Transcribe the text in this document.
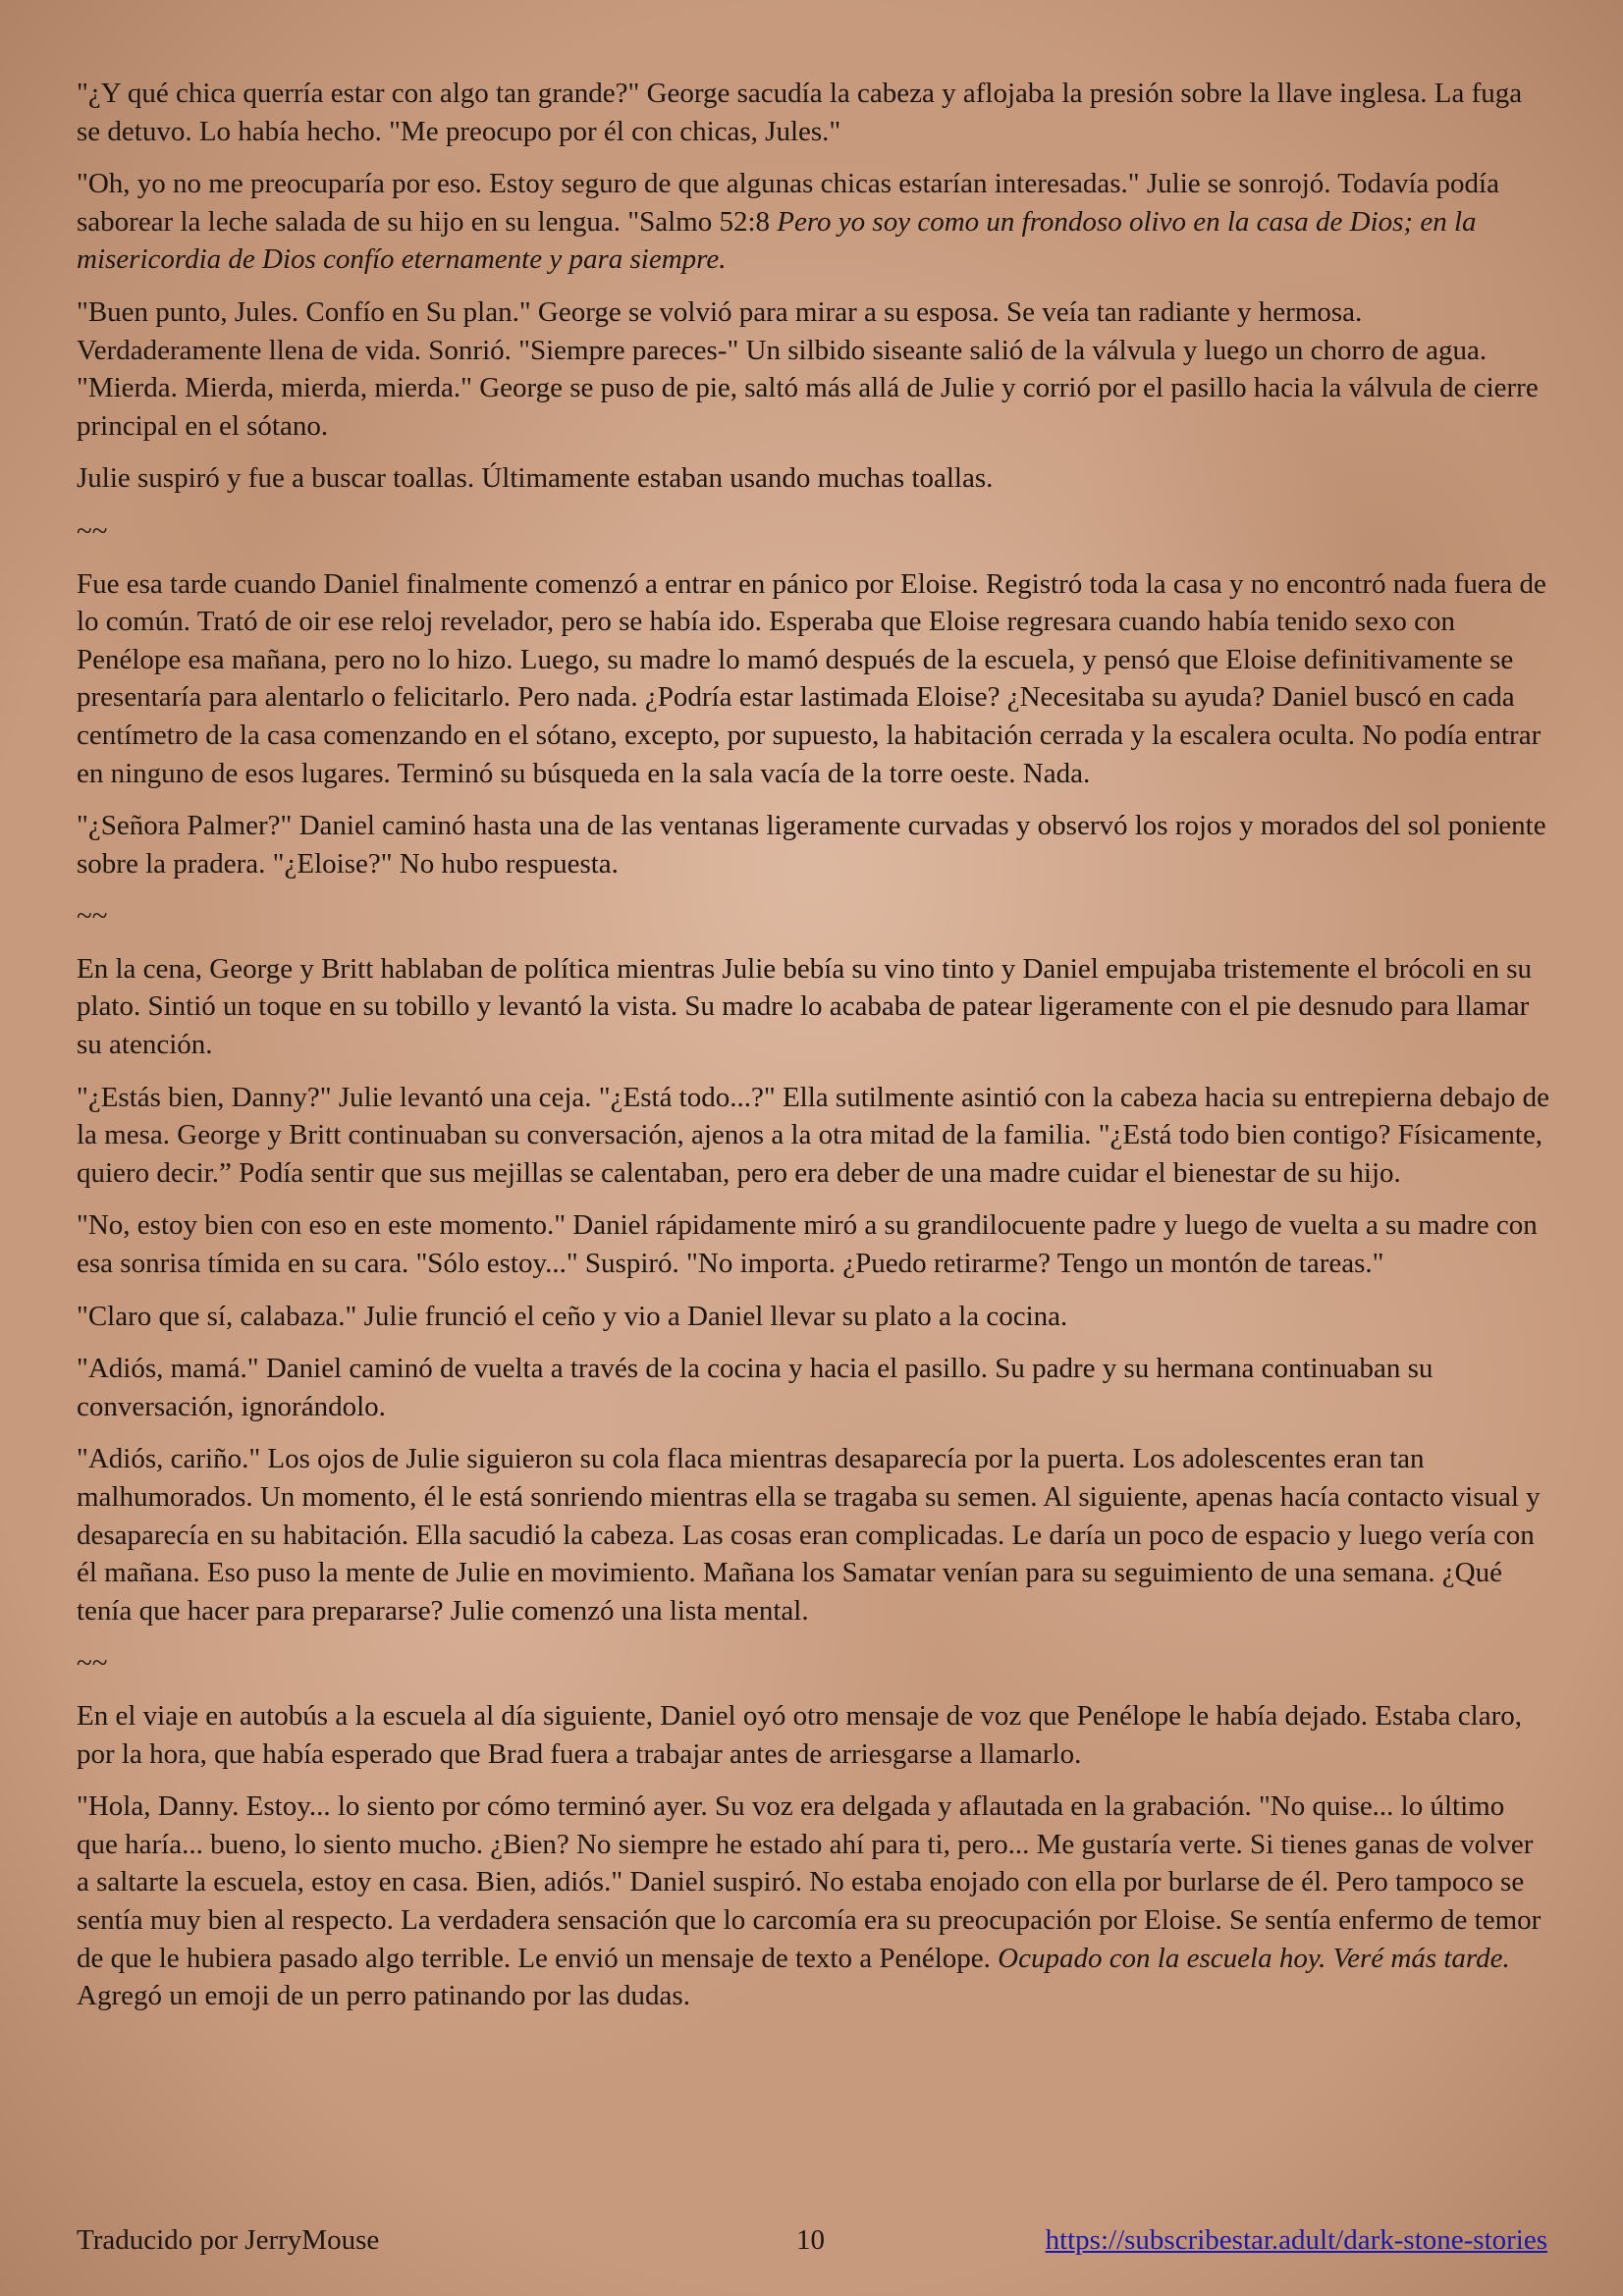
"¿Y qué chica querría estar con algo tan grande?" George sacudía la cabeza y aflojaba la presión sobre la llave inglesa. La fuga se detuvo. Lo había hecho. "Me preocupo por él con chicas, Jules."

"Oh, yo no me preocuparía por eso. Estoy seguro de que algunas chicas estarían interesadas." Julie se sonrojó. Todavía podía saborear la leche salada de su hijo en su lengua. "Salmo 52:8 Pero yo soy como un frondoso olivo en la casa de Dios; en la misericordia de Dios confío eternamente y para siempre.

"Buen punto, Jules. Confío en Su plan." George se volvió para mirar a su esposa. Se veía tan radiante y hermosa. Verdaderamente llena de vida. Sonrió. "Siempre pareces-" Un silbido siseante salió de la válvula y luego un chorro de agua. "Mierda. Mierda, mierda, mierda." George se puso de pie, saltó más allá de Julie y corrió por el pasillo hacia la válvula de cierre principal en el sótano.

Julie suspiró y fue a buscar toallas. Últimamente estaban usando muchas toallas.

~~

Fue esa tarde cuando Daniel finalmente comenzó a entrar en pánico por Eloise. Registró toda la casa y no encontró nada fuera de lo común. Trató de oir ese reloj revelador, pero se había ido. Esperaba que Eloise regresara cuando había tenido sexo con Penélope esa mañana, pero no lo hizo. Luego, su madre lo mamó después de la escuela, y pensó que Eloise definitivamente se presentaría para alentarlo o felicitarlo. Pero nada. ¿Podría estar lastimada Eloise? ¿Necesitaba su ayuda? Daniel buscó en cada centímetro de la casa comenzando en el sótano, excepto, por supuesto, la habitación cerrada y la escalera oculta. No podía entrar en ninguno de esos lugares. Terminó su búsqueda en la sala vacía de la torre oeste. Nada.

"¿Señora Palmer?" Daniel caminó hasta una de las ventanas ligeramente curvadas y observó los rojos y morados del sol poniente sobre la pradera. "¿Eloise?" No hubo respuesta.

~~

En la cena, George y Britt hablaban de política mientras Julie bebía su vino tinto y Daniel empujaba tristemente el brócoli en su plato. Sintió un toque en su tobillo y levantó la vista. Su madre lo acababa de patear ligeramente con el pie desnudo para llamar su atención.

"¿Estás bien, Danny?" Julie levantó una ceja. "¿Está todo...?" Ella sutilmente asintió con la cabeza hacia su entrepierna debajo de la mesa. George y Britt continuaban su conversación, ajenos a la otra mitad de la familia. "¿Está todo bien contigo? Físicamente, quiero decir.” Podía sentir que sus mejillas se calentaban, pero era deber de una madre cuidar el bienestar de su hijo.

"No, estoy bien con eso en este momento." Daniel rápidamente miró a su grandilocuente padre y luego de vuelta a su madre con esa sonrisa tímida en su cara. "Sólo estoy..." Suspiró. "No importa. ¿Puedo retirarme? Tengo un montón de tareas."

"Claro que sí, calabaza." Julie frunció el ceño y vio a Daniel llevar su plato a la cocina.

"Adiós, mamá." Daniel caminó de vuelta a través de la cocina y hacia el pasillo. Su padre y su hermana continuaban su conversación, ignorándolo.

"Adiós, cariño." Los ojos de Julie siguieron su cola flaca mientras desaparecía por la puerta. Los adolescentes eran tan malhumorados. Un momento, él le está sonriendo mientras ella se tragaba su semen. Al siguiente, apenas hacía contacto visual y desaparecía en su habitación. Ella sacudió la cabeza. Las cosas eran complicadas. Le daría un poco de espacio y luego vería con él mañana. Eso puso la mente de Julie en movimiento. Mañana los Samatar venían para su seguimiento de una semana. ¿Qué tenía que hacer para prepararse? Julie comenzó una lista mental.

~~

En el viaje en autobús a la escuela al día siguiente, Daniel oyó otro mensaje de voz que Penélope le había dejado. Estaba claro, por la hora, que había esperado que Brad fuera a trabajar antes de arriesgarse a llamarlo.

"Hola, Danny. Estoy... lo siento por cómo terminó ayer. Su voz era delgada y aflautada en la grabación. "No quise... lo último que haría... bueno, lo siento mucho. ¿Bien? No siempre he estado ahí para ti, pero... Me gustaría verte. Si tienes ganas de volver a saltarte la escuela, estoy en casa. Bien, adiós." Daniel suspiró. No estaba enojado con ella por burlarse de él. Pero tampoco se sentía muy bien al respecto. La verdadera sensación que lo carcomía era su preocupación por Eloise. Se sentía enfermo de temor de que le hubiera pasado algo terrible. Le envió un mensaje de texto a Penélope. Ocupado con la escuela hoy. Veré más tarde. Agregó un emoji de un perro patinando por las dudas.

Traducido por JerryMouse	10	https://subscribestar.adult/dark-stone-stories
